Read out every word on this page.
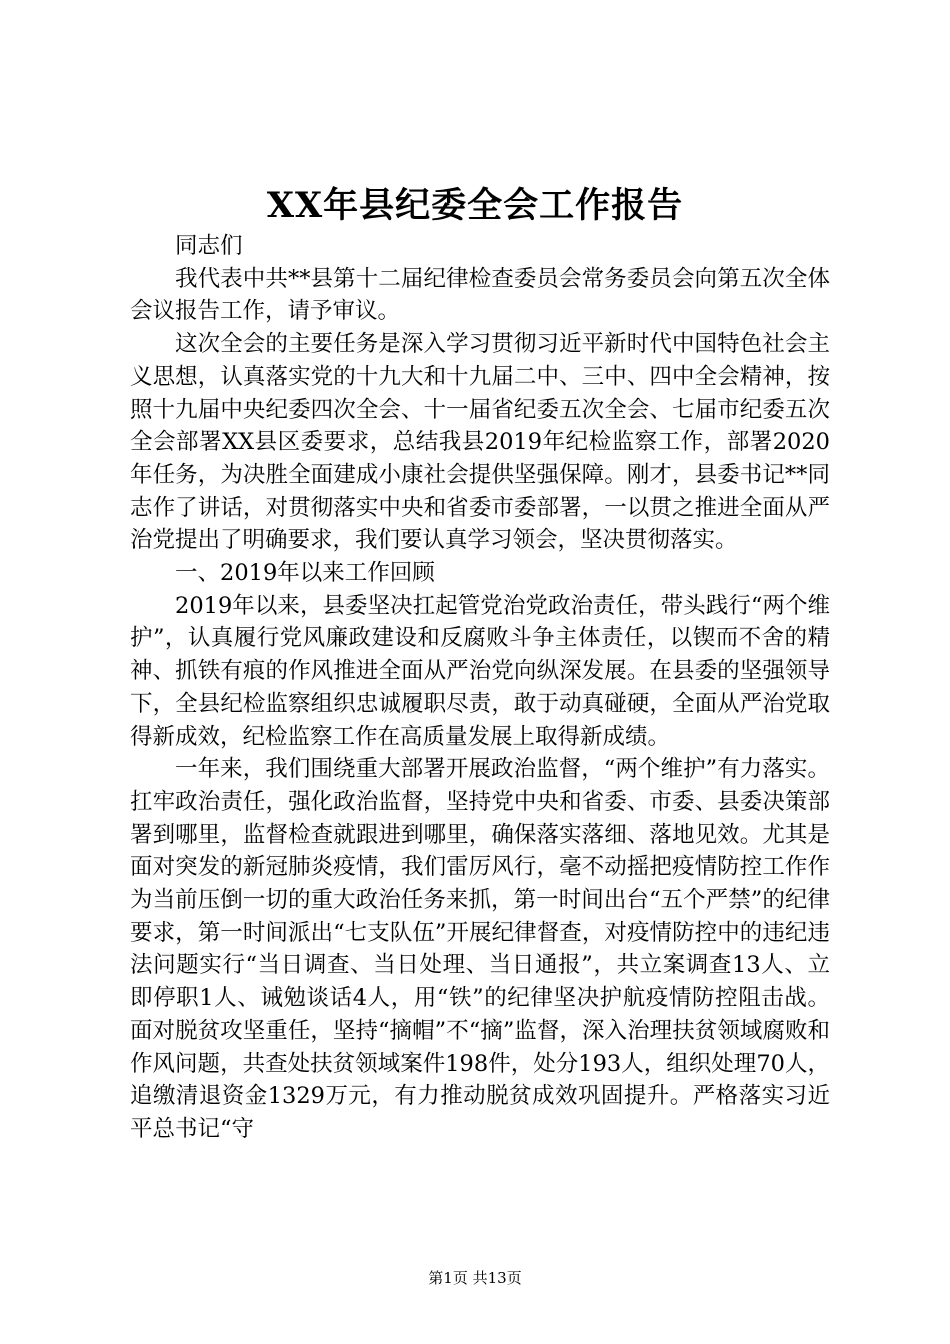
XX年县纪委全会工作报告

同志们

我代表中共**县第十二届纪律检查委员会常务委员会向第五次全体会议报告工作，请予审议。

这次全会的主要任务是深入学习贯彻习近平新时代中国特色社会主义思想，认真落实党的十九大和十九届二中、三中、四中全会精神，按照十九届中央纪委四次全会、十一届省纪委五次全会、七届市纪委五次全会部署XX县区委要求，总结我县2019年纪检监察工作，部署2020年任务，为决胜全面建成小康社会提供坚强保障。刚才，县委书记**同志作了讲话，对贯彻落实中央和省委市委部署，一以贯之推进全面从严治党提出了明确要求，我们要认真学习领会，坚决贯彻落实。

一、2019年以来工作回顾

2019年以来，县委坚决扛起管党治党政治责任，带头践行“两个维护”，认真履行党风廉政建设和反腐败斗争主体责任，以锲而不舍的精神、抓铁有痕的作风推进全面从严治党向纵深发展。在县委的坚强领导下，全县纪检监察组织忠诚履职尽责，敢于动真碰硬，全面从严治党取得新成效，纪检监察工作在高质量发展上取得新成绩。

一年来，我们围绕重大部署开展政治监督，“两个维护”有力落实。扛牢政治责任，强化政治监督，坚持党中央和省委、市委、县委决策部署到哪里，监督检查就跟进到哪里，确保落实落细、落地见效。尤其是面对突发的新冠肺炎疫情，我们雷厉风行，毫不动摇把疫情防控工作作为当前压倒一切的重大政治任务来抓，第一时间出台“五个严禁”的纪律要求，第一时间派出“七支队伍”开展纪律督查，对疫情防控中的违纪违法问题实行“当日调查、当日处理、当日通报”，共立案调查13人、立即停职1人、诫勉谈话4人，用“铁”的纪律坚决护航疫情防控阻击战。面对脱贫攻坚重任，坚持“摘帽”不“摘”监督，深入治理扶贫领域腐败和作风问题，共查处扶贫领域案件198件，处分193人，组织处理70人，追缴清退资金1329万元，有力推动脱贫成效巩固提升。严格落实习近平总书记“守

第1页 共13页
